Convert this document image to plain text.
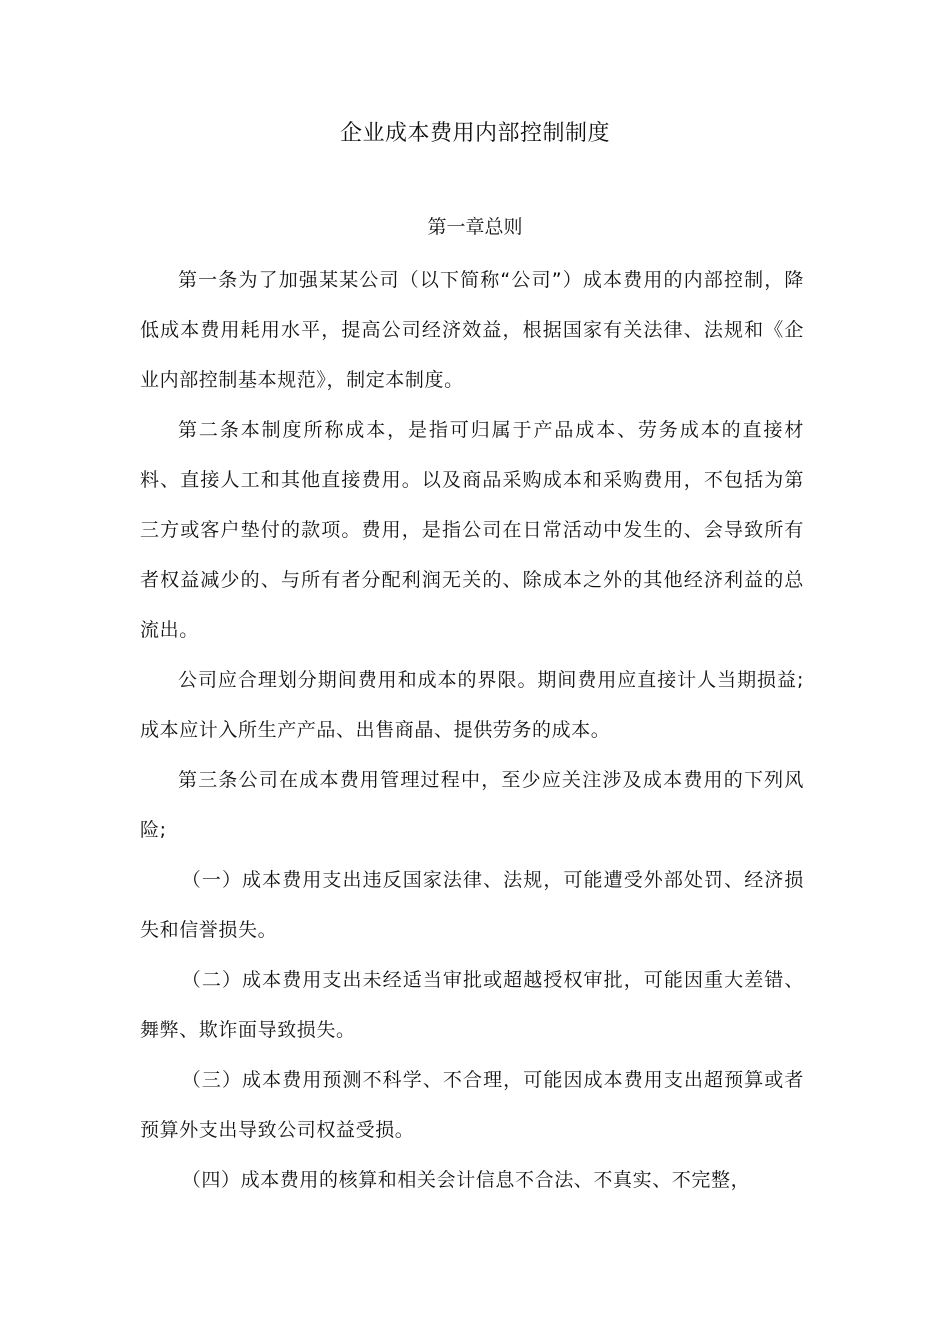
企业成本费用内部控制制度
第一章总则

第一条为了加强某某公司（以下简称“公司”）成本费用的内部控制，降低成本费用耗用水平，提高公司经济效益，根据国家有关法律、法规和《企业内部控制基本规范》，制定本制度。

第二条本制度所称成本，是指可归属于产品成本、劳务成本的直接材料、直接人工和其他直接费用。以及商品采购成本和采购费用，不包括为第三方或客户垫付的款项。费用，是指公司在日常活动中发生的、会导致所有者权益减少的、与所有者分配利润无关的、除成本之外的其他经济利益的总流出。

公司应合理划分期间费用和成本的界限。期间费用应直接计人当期损益;成本应计入所生产产品、出售商晶、提供劳务的成本。

第三条公司在成本费用管理过程中，至少应关注涉及成本费用的下列风险;

（一）成本费用支出违反国家法律、法规，可能遭受外部处罚、经济损失和信誉损失。

（二）成本费用支出未经适当审批或超越授权审批，可能因重大差错、舞弊、欺诈面导致损失。

（三）成本费用预测不科学、不合理，可能因成本费用支出超预算或者预算外支出导致公司权益受损。

（四）成本费用的核算和相关会计信息不合法、不真实、不完整，
